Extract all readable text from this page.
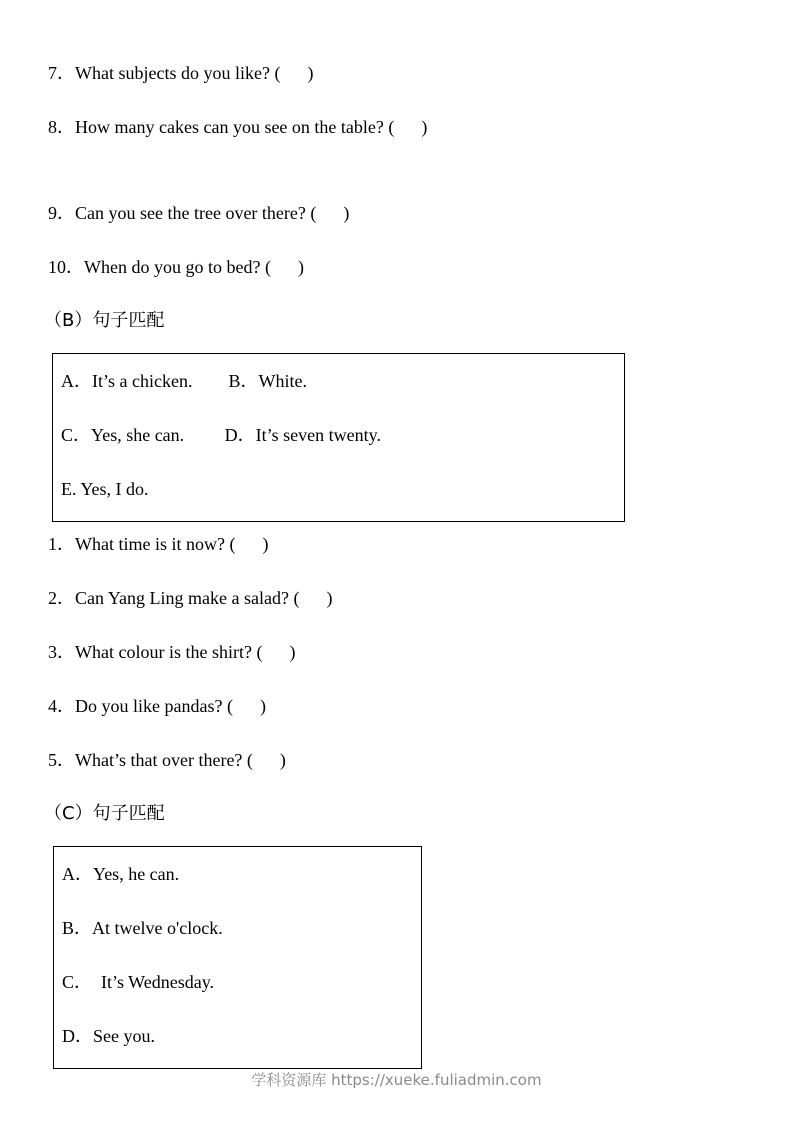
7．What subjects do you like? (      )
8．How many cakes can you see on the table? (      )
9．Can you see the tree over there? (      )
10．When do you go to bed? (      )
（B）句子匹配
A．It’s a chicken.        B．White.
C．Yes, she can.         D．It’s seven twenty.
E. Yes, I do.
1．What time is it now? (      )
2．Can Yang Ling make a salad? (      )
3．What colour is the shirt? (      )
4．Do you like pandas? (      )
5．What’s that over there? (      )
（C）句子匹配
A．Yes, he can.
B．At twelve o'clock.
C．  It’s Wednesday.
D．See you.
学科资源库 https://xueke.fuliadmin.com
